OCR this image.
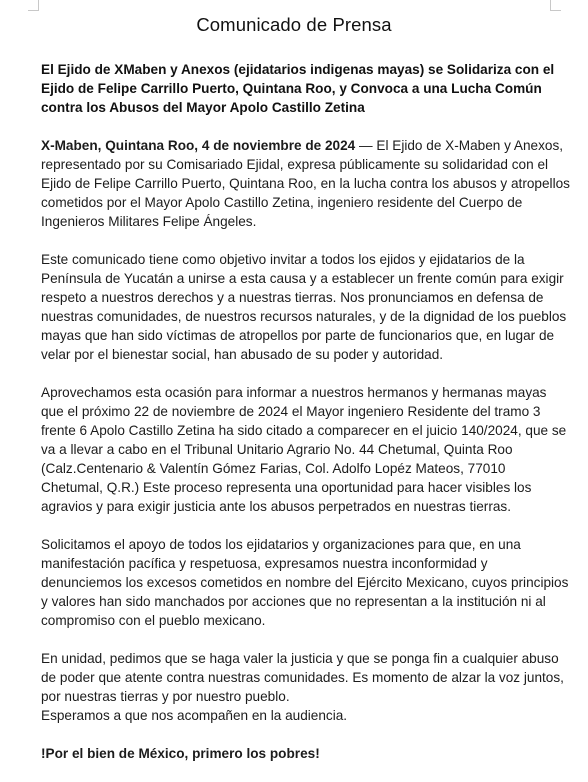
Comunicado de Prensa

El Ejido de XMaben y Anexos (ejidatarios indigenas mayas) se Solidariza con el Ejido de Felipe Carrillo Puerto, Quintana Roo, y Convoca a una Lucha Común contra los Abusos del Mayor Apolo Castillo Zetina

X-Maben, Quintana Roo, 4 de noviembre de 2024 — El Ejido de X-Maben y Anexos, representado por su Comisariado Ejidal, expresa públicamente su solidaridad con el Ejido de Felipe Carrillo Puerto, Quintana Roo, en la lucha contra los abusos y atropellos cometidos por el Mayor Apolo Castillo Zetina, ingeniero residente del Cuerpo de Ingenieros Militares Felipe Ángeles.

Este comunicado tiene como objetivo invitar a todos los ejidos y ejidatarios de la Península de Yucatán a unirse a esta causa y a establecer un frente común para exigir respeto a nuestros derechos y a nuestras tierras. Nos pronunciamos en defensa de nuestras comunidades, de nuestros recursos naturales, y de la dignidad de los pueblos mayas que han sido víctimas de atropellos por parte de funcionarios que, en lugar de velar por el bienestar social, han abusado de su poder y autoridad.

Aprovechamos esta ocasión para informar a nuestros hermanos y hermanas mayas que el próximo 22 de noviembre de 2024 el Mayor ingeniero Residente del tramo 3 frente 6 Apolo Castillo Zetina ha sido citado a comparecer en el juicio 140/2024, que se va a llevar a cabo en el Tribunal Unitario Agrario No. 44 Chetumal, Quinta Roo (Calz.Centenario & Valentín Gómez Farias, Col. Adolfo Lopéz Mateos, 77010 Chetumal, Q.R.) Este proceso representa una oportunidad para hacer visibles los agravios y para exigir justicia ante los abusos perpetrados en nuestras tierras.

Solicitamos el apoyo de todos los ejidatarios y organizaciones para que, en una manifestación pacífica y respetuosa, expresamos nuestra inconformidad y denunciemos los excesos cometidos en nombre del Ejército Mexicano, cuyos principios y valores han sido manchados por acciones que no representan a la institución ni al compromiso con el pueblo mexicano.

En unidad, pedimos que se haga valer la justicia y que se ponga fin a cualquier abuso de poder que atente contra nuestras comunidades. Es momento de alzar la voz juntos, por nuestras tierras y por nuestro pueblo.

Esperamos a que nos acompañen en la audiencia.

!Por el bien de México, primero los pobres!
